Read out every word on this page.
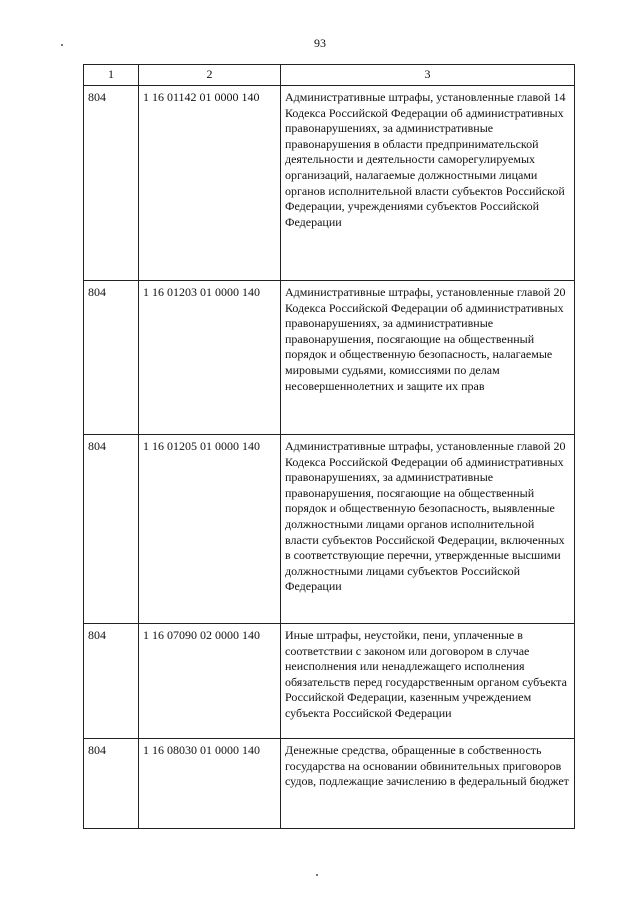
93
1	2	3
804	1 16 01142 01 0000 140	Административные штрафы, установленные главой 14 Кодекса Российской Федерации об административных правонарушениях, за административные правонарушения в области предпринимательской деятельности и деятельности саморегулируемых организаций, налагаемые должностными лицами органов исполнительной власти субъектов Российской Федерации, учреждениями субъектов Российской Федерации
804	1 16 01203 01 0000 140	Административные штрафы, установленные главой 20 Кодекса Российской Федерации об административных правонарушениях, за административные правонарушения, посягающие на общественный порядок и общественную безопасность, налагаемые мировыми судьями, комиссиями по делам несовершеннолетних и защите их прав
804	1 16 01205 01 0000 140	Административные штрафы, установленные главой 20 Кодекса Российской Федерации об административных правонарушениях, за административные правонарушения, посягающие на общественный порядок и общественную безопасность, выявленные должностными лицами органов исполнительной власти субъектов Российской Федерации, включенных в соответствующие перечни, утвержденные высшими должностными лицами субъектов Российской Федерации
804	1 16 07090 02 0000 140	Иные штрафы, неустойки, пени, уплаченные в соответствии с законом или договором в случае неисполнения или ненадлежащего исполнения обязательств перед государственным органом субъекта Российской Федерации, казенным учреждением субъекта Российской Федерации
804	1 16 08030 01 0000 140	Денежные средства, обращенные в собственность государства на основании обвинительных приговоров судов, подлежащие зачислению в федеральный бюджет
